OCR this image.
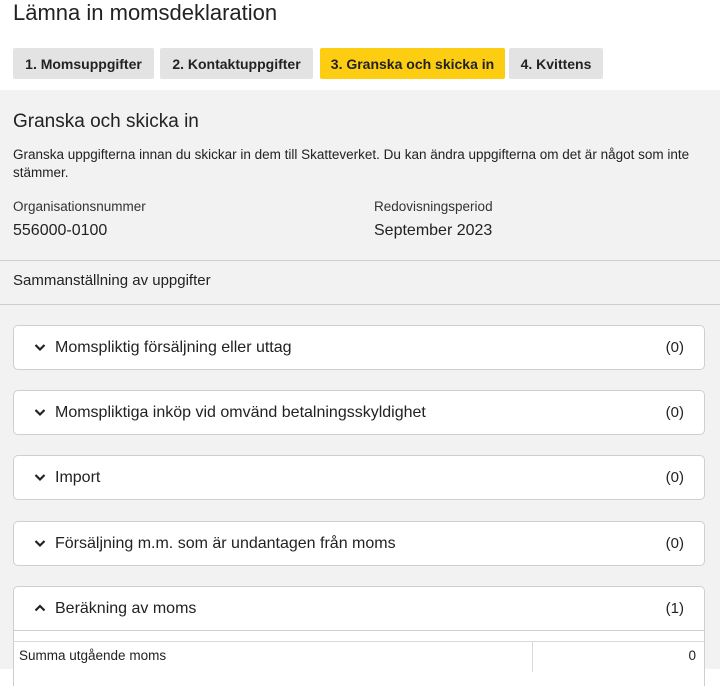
Lämna in momsdeklaration
1. Momsuppgifter	2. Kontaktuppgifter	3. Granska och skicka in	4. Kvittens
Granska och skicka in
Granska uppgifterna innan du skickar in dem till Skatteverket. Du kan ändra uppgifterna om det är något som inte stämmer.
Organisationsnummer
556000-0100
Redovisningsperiod
September 2023
Sammanställning av uppgifter
Momspliktig försäljning eller uttag	(0)
Momspliktiga inköp vid omvänd betalningsskyldighet	(0)
Import	(0)
Försäljning m.m. som är undantagen från moms	(0)
Beräkning av moms	(1)
Summa utgående moms	0
